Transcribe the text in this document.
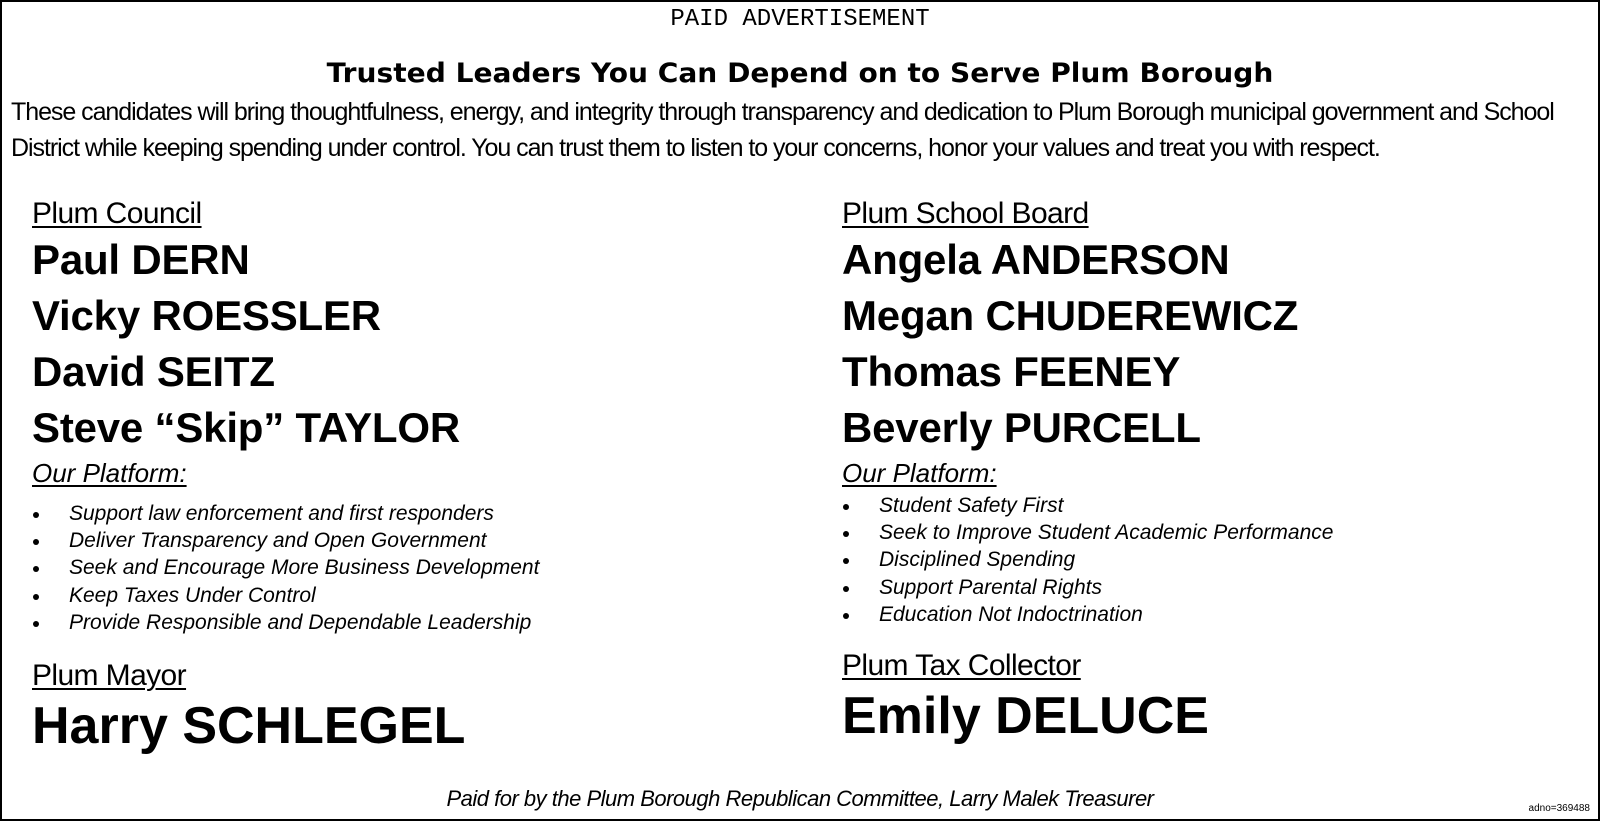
PAID ADVERTISEMENT
Trusted Leaders You Can Depend on to Serve Plum Borough
These candidates will bring thoughtfulness, energy, and integrity through transparency and dedication to Plum Borough municipal government and School District while keeping spending under control. You can trust them to listen to your concerns, honor your values and treat you with respect.
Plum Council
Paul DERN
Vicky ROESSLER
David SEITZ
Steve “Skip” TAYLOR
Our Platform:
Support law enforcement and first responders
Deliver Transparency and Open Government
Seek and Encourage More Business Development
Keep Taxes Under Control
Provide Responsible and Dependable Leadership
Plum Mayor
Harry SCHLEGEL
Plum School Board
Angela ANDERSON
Megan CHUDEREWICZ
Thomas FEENEY
Beverly PURCELL
Our Platform:
Student Safety First
Seek to Improve Student Academic Performance
Disciplined Spending
Support Parental Rights
Education Not Indoctrination
Plum Tax Collector
Emily DELUCE
Paid for by the Plum Borough Republican Committee, Larry Malek Treasurer	adno=369488
